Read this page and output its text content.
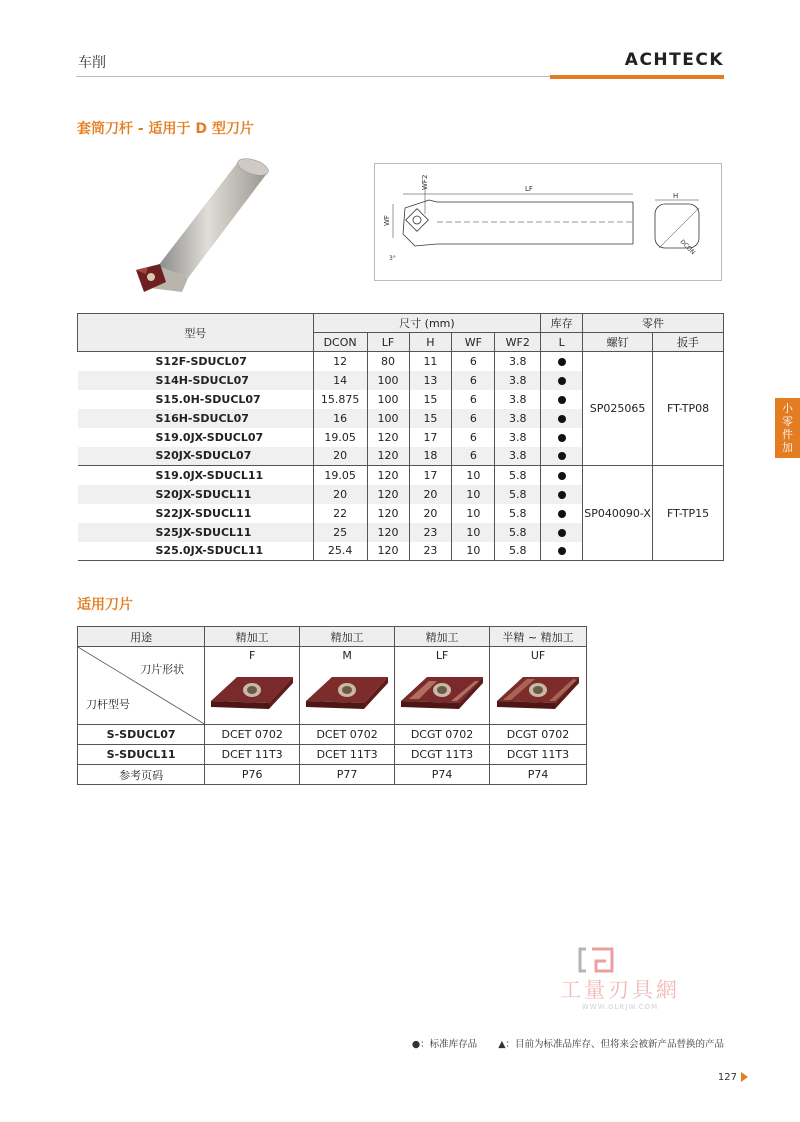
车削	ACHTECK
套筒刀杆 - 适用于 D 型刀片
LF
WF
WF2
H
DCON
3°
型号	尺寸 (mm)					库存	零件	
	DCON	LF	H	WF	WF2	L	螺钉	扳手
S12F-SDUCL07	12	80	11	6	3.8		SP025065	FT-TP08
S14H-SDUCL07	14	100	13	6	3.8			
S15.0H-SDUCL07	15.875	100	15	6	3.8			
S16H-SDUCL07	16	100	15	6	3.8			
S19.0JX-SDUCL07	19.05	120	17	6	3.8			
S20JX-SDUCL07	20	120	18	6	3.8			
S19.0JX-SDUCL11	19.05	120	17	10	5.8		SP040090-X	FT-TP15
S20JX-SDUCL11	20	120	20	10	5.8			
S22JX-SDUCL11	22	120	20	10	5.8			
S25JX-SDUCL11	25	120	23	10	5.8			
S25.0JX-SDUCL11	25.4	120	23	10	5.8			
适用刀片
用途	精加工	精加工	精加工	半精 ~ 精加工

刀片形状
刀杆型号	F	M	LF	UF

S-SDUCL07	DCET 0702	DCET 0702	DCGT 0702	DCGT 0702
S-SDUCL11	DCET 11T3	DCET 11T3	DCGT 11T3	DCGT 11T3
参考页码	P76	P77	P74	P74
小
零
件
加
工量刃具網
WWW.GLRJW.COM
●：标准库存品 ▲：目前为标准品库存、但将来会被新产品替换的产品
127
